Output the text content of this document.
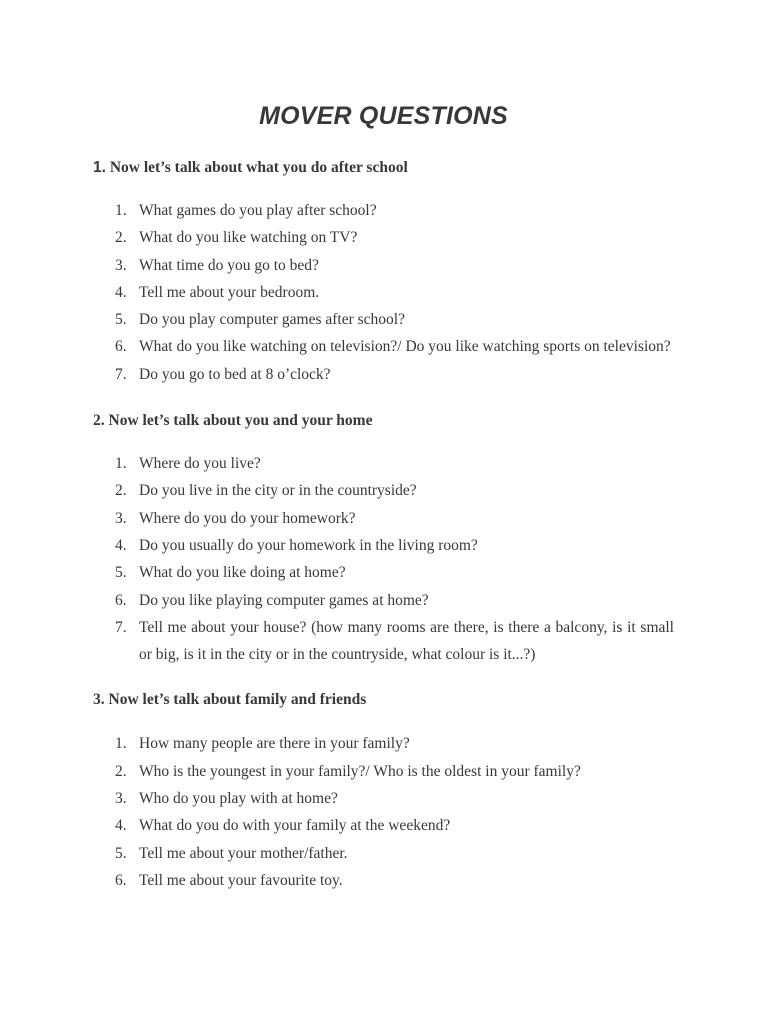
MOVER QUESTIONS

1. Now let’s talk about what you do after school

1. What games do you play after school?
2. What do you like watching on TV?
3. What time do you go to bed?
4. Tell me about your bedroom.
5. Do you play computer games after school?
6. What do you like watching on television?/ Do you like watching sports on television?
7. Do you go to bed at 8 o’clock?

2. Now let’s talk about you and your home

1. Where do you live?
2. Do you live in the city or in the countryside?
3. Where do you do your homework?
4. Do you usually do your homework in the living room?
5. What do you like doing at home?
6. Do you like playing computer games at home?
7. Tell me about your house? (how many rooms are there, is there a balcony, is it small or big, is it in the city or in the countryside, what colour is it...?)

3. Now let’s talk about family and friends

1. How many people are there in your family?
2. Who is the youngest in your family?/ Who is the oldest in your family?
3. Who do you play with at home?
4. What do you do with your family at the weekend?
5. Tell me about your mother/father.
6. Tell me about your favourite toy.
